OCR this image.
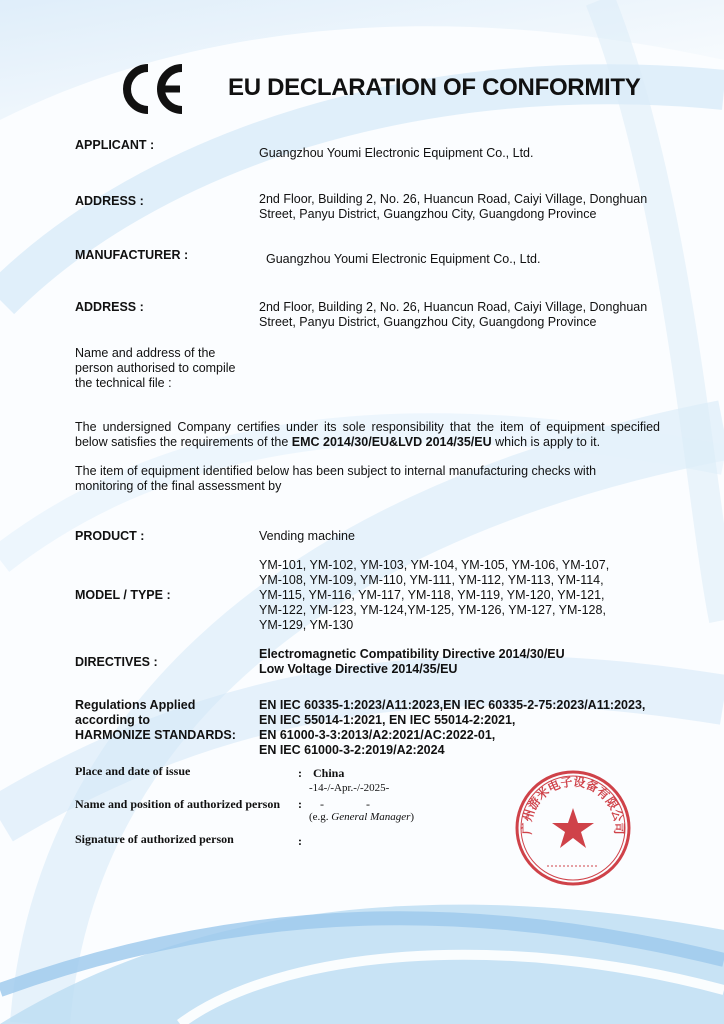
CE
EU DECLARATION OF CONFORMITY
APPLICANT :
Guangzhou Youmi Electronic Equipment Co., Ltd.
ADDRESS :	2nd Floor, Building 2, No. 26, Huancun Road, Caiyi Village, Donghuan
Street, Panyu District, Guangzhou City, Guangdong Province
MANUFACTURER :	Guangzhou Youmi Electronic Equipment Co., Ltd.
ADDRESS :	2nd Floor, Building 2, No. 26, Huancun Road, Caiyi Village, Donghuan
Street, Panyu District, Guangzhou City, Guangdong Province
Name and address of the
person authorised to compile
the technical file :
The undersigned Company certifies under its sole responsibility that the item of equipment specified below satisfies the requirements of the EMC 2014/30/EU&LVD 2014/35/EU which is apply to it.
The item of equipment identified below has been subject to internal manufacturing checks with
monitoring of the final assessment by
PRODUCT :	Vending machine
MODEL / TYPE :
YM-101, YM-102, YM-103, YM-104, YM-105, YM-106, YM-107,
YM-108, YM-109, YM-110, YM-111, YM-112, YM-113, YM-114,
YM-115, YM-116, YM-117, YM-118, YM-119, YM-120, YM-121,
YM-122, YM-123, YM-124,YM-125, YM-126, YM-127, YM-128,
YM-129, YM-130
DIRECTIVES :
Electromagnetic Compatibility Directive 2014/30/EU
Low Voltage Directive 2014/35/EU
Regulations Applied
according to
HARMONIZE STANDARDS:
EN IEC 60335-1:2023/A11:2023,EN IEC 60335-2-75:2023/A11:2023,
EN IEC 55014-1:2021, EN IEC 55014-2:2021,
EN 61000-3-3:2013/A2:2021/AC:2022-01,
EN IEC 61000-3-2:2019/A2:2024
Place and date of issue	: China
-14-/-Apr.-/-2025-
Name and position of authorized person : -	-
(e.g. General Manager)
Signature of authorized person	:
广州游米电子设备有限公司
